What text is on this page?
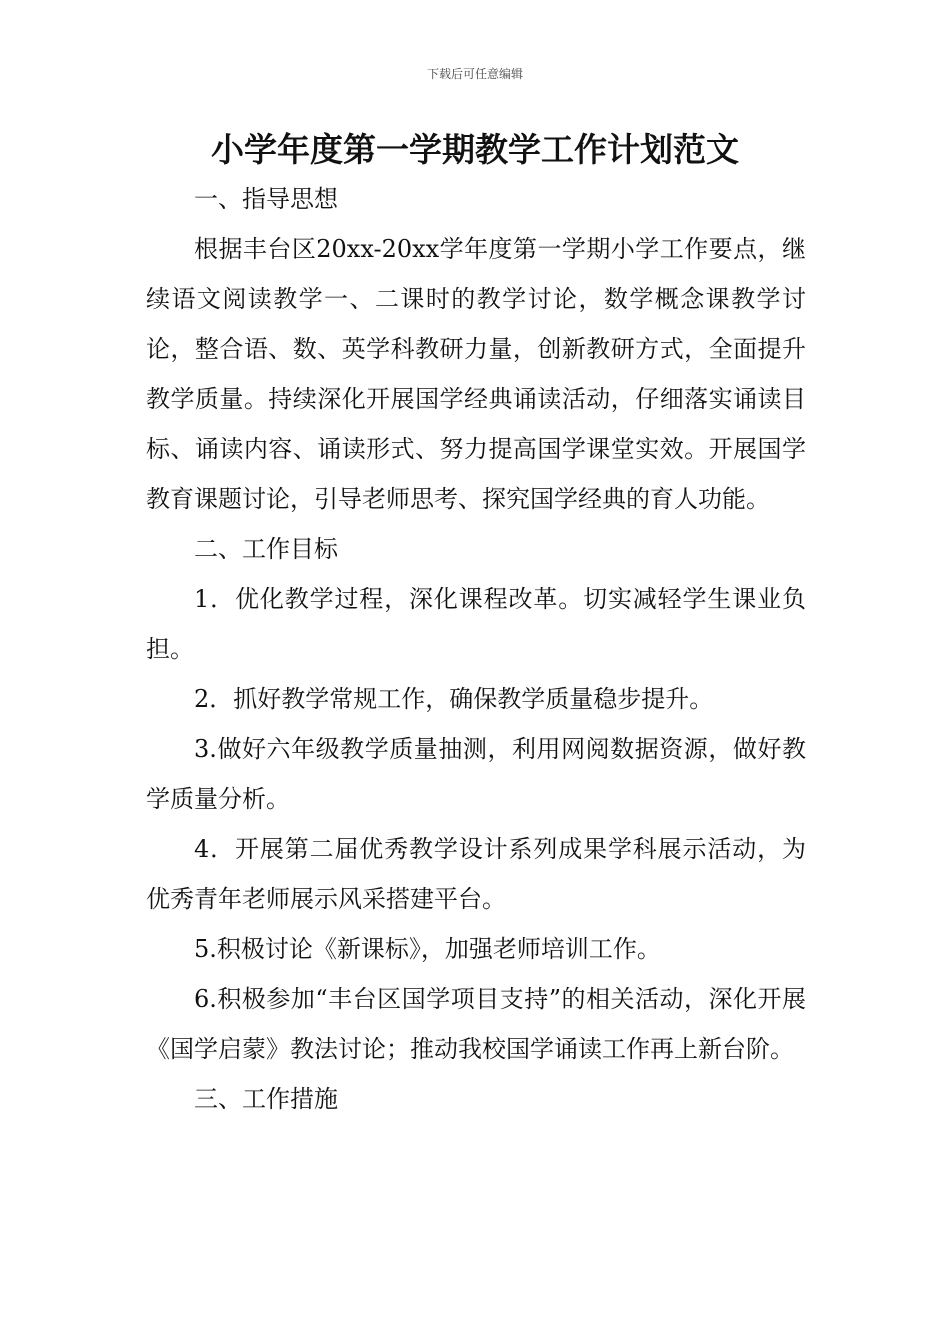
下载后可任意编辑
小学年度第一学期教学工作计划范文

一、指导思想

根据丰台区20xx-20xx学年度第一学期小学工作要点，继续语文阅读教学一、二课时的教学讨论，数学概念课教学讨论，整合语、数、英学科教研力量，创新教研方式，全面提升教学质量。持续深化开展国学经典诵读活动，仔细落实诵读目标、诵读内容、诵读形式、努力提高国学课堂实效。开展国学教育课题讨论，引导老师思考、探究国学经典的育人功能。

二、工作目标

1．优化教学过程，深化课程改革。切实减轻学生课业负担。

2．抓好教学常规工作，确保教学质量稳步提升。

3.做好六年级教学质量抽测，利用网阅数据资源，做好教学质量分析。

4．开展第二届优秀教学设计系列成果学科展示活动，为优秀青年老师展示风采搭建平台。

5.积极讨论《新课标》，加强老师培训工作。

6.积极参加“丰台区国学项目支持”的相关活动，深化开展《国学启蒙》教法讨论；推动我校国学诵读工作再上新台阶。

三、工作措施
